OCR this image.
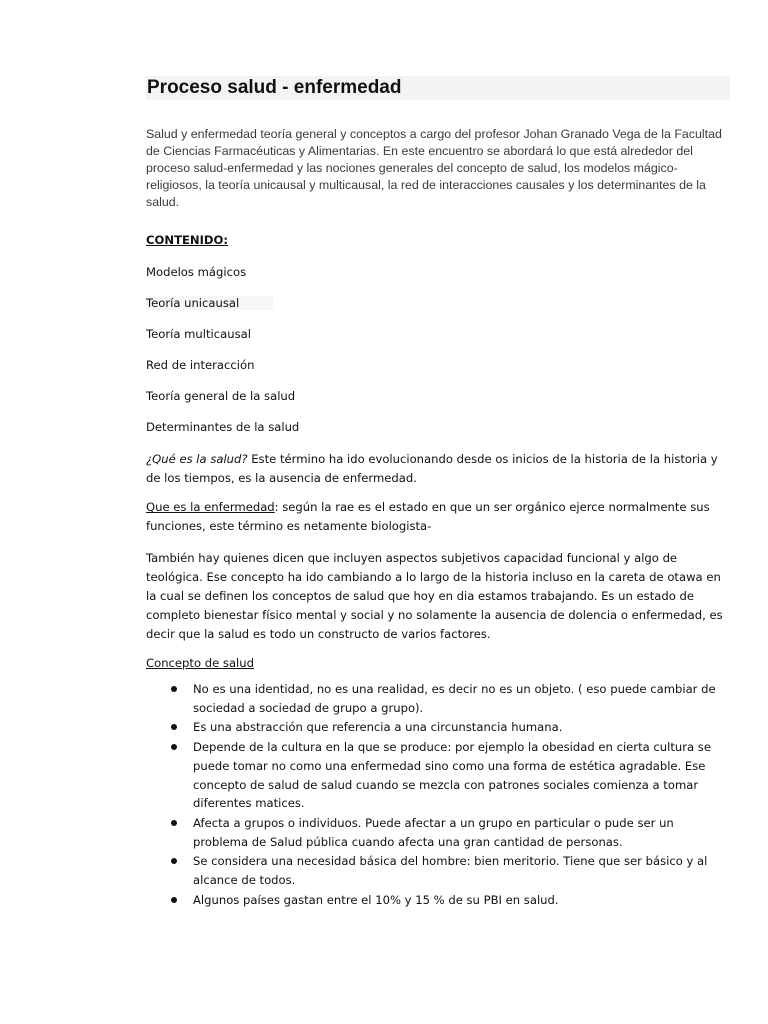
Proceso salud - enfermedad
Salud y enfermedad teoría general y conceptos a cargo del profesor Johan Granado Vega de la Facultad de Ciencias Farmacéuticas y Alimentarias. En este encuentro se abordará lo que está alrededor del proceso salud-enfermedad y las nociones generales del concepto de salud, los modelos mágico-religiosos, la teoría unicausal y multicausal, la red de interacciones causales y los determinantes de la salud.
CONTENIDO:
Modelos mágicos
Teoría unicausal
Teoría multicausal
Red de interacción
Teoría general de la salud
Determinantes de la salud
¿Qué es la salud? Este término ha ido evolucionando desde os inicios de la historia de la historia y de los tiempos, es la ausencia de enfermedad.
Que es la enfermedad: según la rae es el estado en que un ser orgánico ejerce normalmente sus funciones, este término es netamente biologista-
También hay quienes dicen que incluyen aspectos subjetivos capacidad funcional y algo de teológica. Ese concepto ha ido cambiando a lo largo de la historia incluso en la careta de otawa en la cual se definen los conceptos de salud que hoy en dia estamos trabajando. Es un estado de completo bienestar físico mental y social y no solamente la ausencia de dolencia o enfermedad, es decir que la salud es todo un constructo de varios factores.
Concepto de salud
No es una identidad, no es una realidad, es decir no es un objeto. ( eso puede cambiar de sociedad a sociedad de grupo a grupo).
Es una abstracción que referencia a una circunstancia humana.
Depende de la cultura en la que se produce: por ejemplo la obesidad en cierta cultura se puede tomar no como una enfermedad sino como una forma de estética agradable. Ese concepto de salud de salud cuando se mezcla con patrones sociales comienza a tomar diferentes matices.
Afecta a grupos o individuos. Puede afectar a un grupo en particular o pude ser un problema de Salud pública cuando afecta una gran cantidad de personas.
Se considera una necesidad básica del hombre: bien meritorio. Tiene que ser básico y al alcance de todos.
Algunos países gastan entre el 10% y 15 % de su PBI en salud.
